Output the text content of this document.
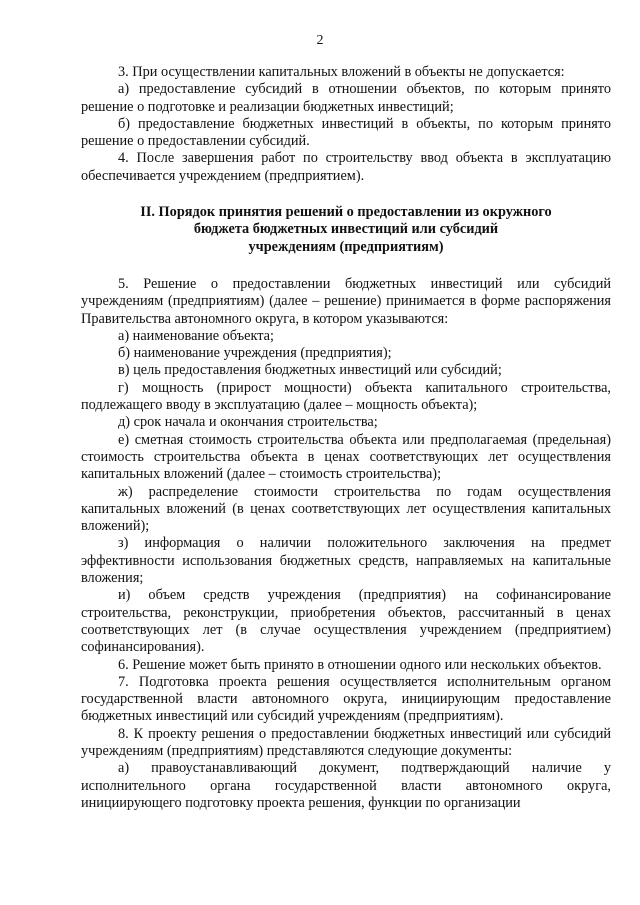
2

3. При осуществлении капитальных вложений в объекты не допускается:

а) предоставление субсидий в отношении объектов, по которым принято решение о подготовке и реализации бюджетных инвестиций;

б) предоставление бюджетных инвестиций в объекты, по которым принято решение о предоставлении субсидий.

4. После завершения работ по строительству ввод объекта в эксплуатацию обеспечивается учреждением (предприятием).

II. Порядок принятия решений о предоставлении из окружного
бюджета бюджетных инвестиций или субсидий
учреждениям (предприятиям)

5. Решение о предоставлении бюджетных инвестиций или субсидий учреждениям (предприятиям) (далее – решение) принимается в форме распоряжения Правительства автономного округа, в котором указываются:

а) наименование объекта;

б) наименование учреждения (предприятия);

в) цель предоставления бюджетных инвестиций или субсидий;

г) мощность (прирост мощности) объекта капитального строительства, подлежащего вводу в эксплуатацию (далее – мощность объекта);

д) срок начала и окончания строительства;

е) сметная стоимость строительства объекта или предполагаемая (предельная) стоимость строительства объекта в ценах соответствующих лет осуществления капитальных вложений (далее – стоимость строительства);

ж) распределение стоимости строительства по годам осуществления капитальных вложений (в ценах соответствующих лет осуществления капитальных вложений);

з) информация о наличии положительного заключения на предмет эффективности использования бюджетных средств, направляемых на капитальные вложения;

и) объем средств учреждения (предприятия) на софинансирование строительства, реконструкции, приобретения объектов, рассчитанный в ценах соответствующих лет (в случае осуществления учреждением (предприятием) софинансирования).

6. Решение может быть принято в отношении одного или нескольких объектов.

7. Подготовка проекта решения осуществляется исполнительным органом государственной власти автономного округа, инициирующим предоставление бюджетных инвестиций или субсидий учреждениям (предприятиям).

8. К проекту решения о предоставлении бюджетных инвестиций или субсидий учреждениям (предприятиям) представляются следующие документы:

а) правоустанавливающий документ, подтверждающий наличие у исполнительного органа государственной власти автономного округа, инициирующего подготовку проекта решения, функции по организации
